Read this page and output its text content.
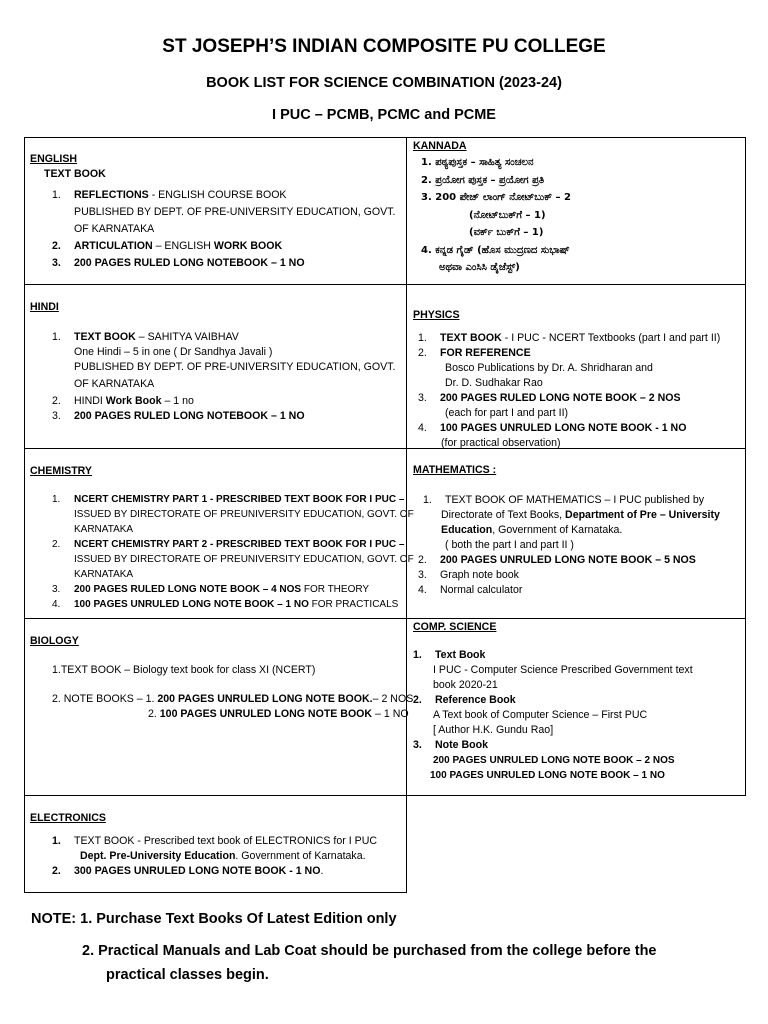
ST JOSEPH’S INDIAN COMPOSITE PU COLLEGE
BOOK LIST FOR SCIENCE COMBINATION (2023-24)
I PUC – PCMB, PCMC and PCME
ENGLISH
TEXT BOOK
1. REFLECTIONS - ENGLISH COURSE BOOK
PUBLISHED BY DEPT. OF PRE-UNIVERSITY EDUCATION, GOVT.
OF KARNATAKA
2. ARTICULATION – ENGLISH WORK BOOK
3. 200 PAGES RULED LONG NOTEBOOK – 1 NO
KANNADA
1. ಪಠ್ಯಪುಸ್ತಕ – ಸಾಹಿತ್ಯ ಸಂಚಲನ
2. ಪ್ರಯೋಗ ಪುಸ್ತಕ – ಪ್ರಯೋಗ ಪ್ರತಿ
3. 200 ಪೇಜ್ ಲಾಂಗ್ ನೋಟ್‌ಬುಕ್ – 2
(ನೋಟ್‌ಬುಕ್‌ಗೆ – 1)
(ವರ್ಕ್ ಬುಕ್‌ಗೆ – 1)
4. ಕನ್ನಡ ಗೈಡ್ (ಹೊಸ ಮುದ್ರಣದ ಸುಭಾಷ್
ಅಥವಾ ಎಂಸಿಸಿ ಡೈಜೆಸ್ಟ್)
HINDI
1. TEXT BOOK – SAHITYA VAIBHAV
One Hindi – 5 in one ( Dr Sandhya Javali )
PUBLISHED BY DEPT. OF PRE-UNIVERSITY EDUCATION, GOVT.
OF KARNATAKA
2. HINDI Work Book – 1 no
3. 200 PAGES RULED LONG NOTEBOOK – 1 NO
PHYSICS
1. TEXT BOOK - I PUC - NCERT Textbooks (part I and part II)
2. FOR REFERENCE
Bosco Publications by Dr. A. Shridharan and
Dr. D. Sudhakar Rao
3. 200 PAGES RULED LONG NOTE BOOK – 2 NOS
(each for part I and part II)
4. 100 PAGES UNRULED LONG NOTE BOOK - 1 NO
(for practical observation)
CHEMISTRY
1. NCERT CHEMISTRY PART 1 - PRESCRIBED TEXT BOOK FOR I PUC –
ISSUED BY DIRECTORATE OF PREUNIVERSITY EDUCATION, GOVT. OF
KARNATAKA
2. NCERT CHEMISTRY PART 2 - PRESCRIBED TEXT BOOK FOR I PUC –
ISSUED BY DIRECTORATE OF PREUNIVERSITY EDUCATION, GOVT. OF
KARNATAKA
3. 200 PAGES RULED LONG NOTE BOOK – 4 NOS FOR THEORY
4. 100 PAGES UNRULED LONG NOTE BOOK – 1 NO FOR PRACTICALS
MATHEMATICS :
1. TEXT BOOK OF MATHEMATICS – I PUC published by
Directorate of Text Books, Department of Pre – University
Education, Government of Karnataka.
( both the part I and part II )
2. 200 PAGES UNRULED LONG NOTE BOOK – 5 NOS
3. Graph note book
4. Normal calculator
BIOLOGY
1.TEXT BOOK – Biology text book for class XI (NCERT)
2. NOTE BOOKS – 1. 200 PAGES UNRULED LONG NOTE BOOK.– 2 NOS
2. 100 PAGES UNRULED LONG NOTE BOOK – 1 NO
COMP. SCIENCE
1. Text Book
I PUC - Computer Science Prescribed Government text
book 2020-21
2. Reference Book
A Text book of Computer Science – First PUC
[ Author H.K. Gundu Rao]
3. Note Book
200 PAGES UNRULED LONG NOTE BOOK – 2 NOS
100 PAGES UNRULED LONG NOTE BOOK – 1 NO
ELECTRONICS
1. TEXT BOOK - Prescribed text book of ELECTRONICS for I PUC
Dept. Pre-University Education. Government of Karnataka.
2. 300 PAGES UNRULED LONG NOTE BOOK - 1 NO.
NOTE: 1. Purchase Text Books Of Latest Edition only
2. Practical Manuals and Lab Coat should be purchased from the college before the
practical classes begin.
